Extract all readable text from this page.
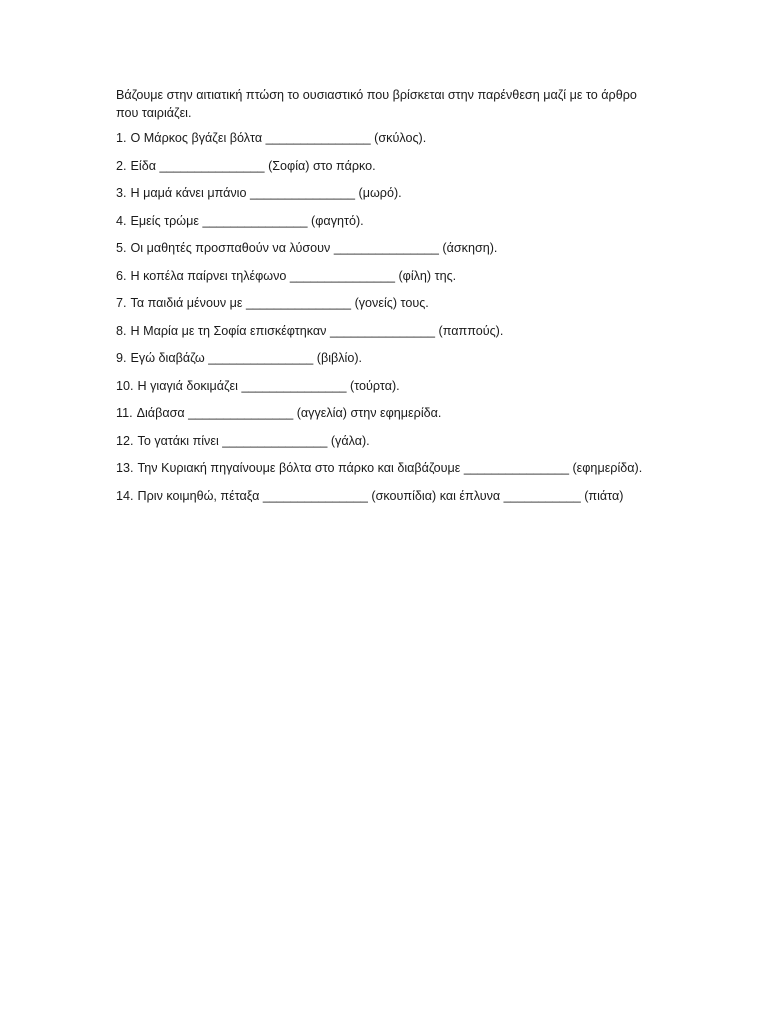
Βάζουμε στην αιτιατική πτώση το ουσιαστικό που βρίσκεται στην παρένθεση μαζί με το άρθρο που ταιριάζει.

1. Ο Μάρκος βγάζει βόλτα _______________ (σκύλος).
2. Είδα _______________ (Σοφία) στο πάρκο.
3. Η μαμά κάνει μπάνιο _______________ (μωρό).
4. Εμείς τρώμε _______________ (φαγητό).
5. Οι μαθητές προσπαθούν να λύσουν _______________ (άσκηση).
6. Η κοπέλα παίρνει τηλέφωνο _______________ (φίλη) της.
7. Τα παιδιά μένουν με _______________ (γονείς) τους.
8. Η Μαρία με τη Σοφία επισκέφτηκαν _______________ (παππούς).
9. Εγώ διαβάζω _______________ (βιβλίο).
10. Η γιαγιά δοκιμάζει _______________ (τούρτα).
11. Διάβασα _______________ (αγγελία) στην εφημερίδα.
12. Το γατάκι πίνει _______________ (γάλα).
13. Την Κυριακή πηγαίνουμε βόλτα στο πάρκο και διαβάζουμε _______________ (εφημερίδα).
14. Πριν κοιμηθώ, πέταξα _______________ (σκουπίδια) και έπλυνα ___________ (πιάτα)
